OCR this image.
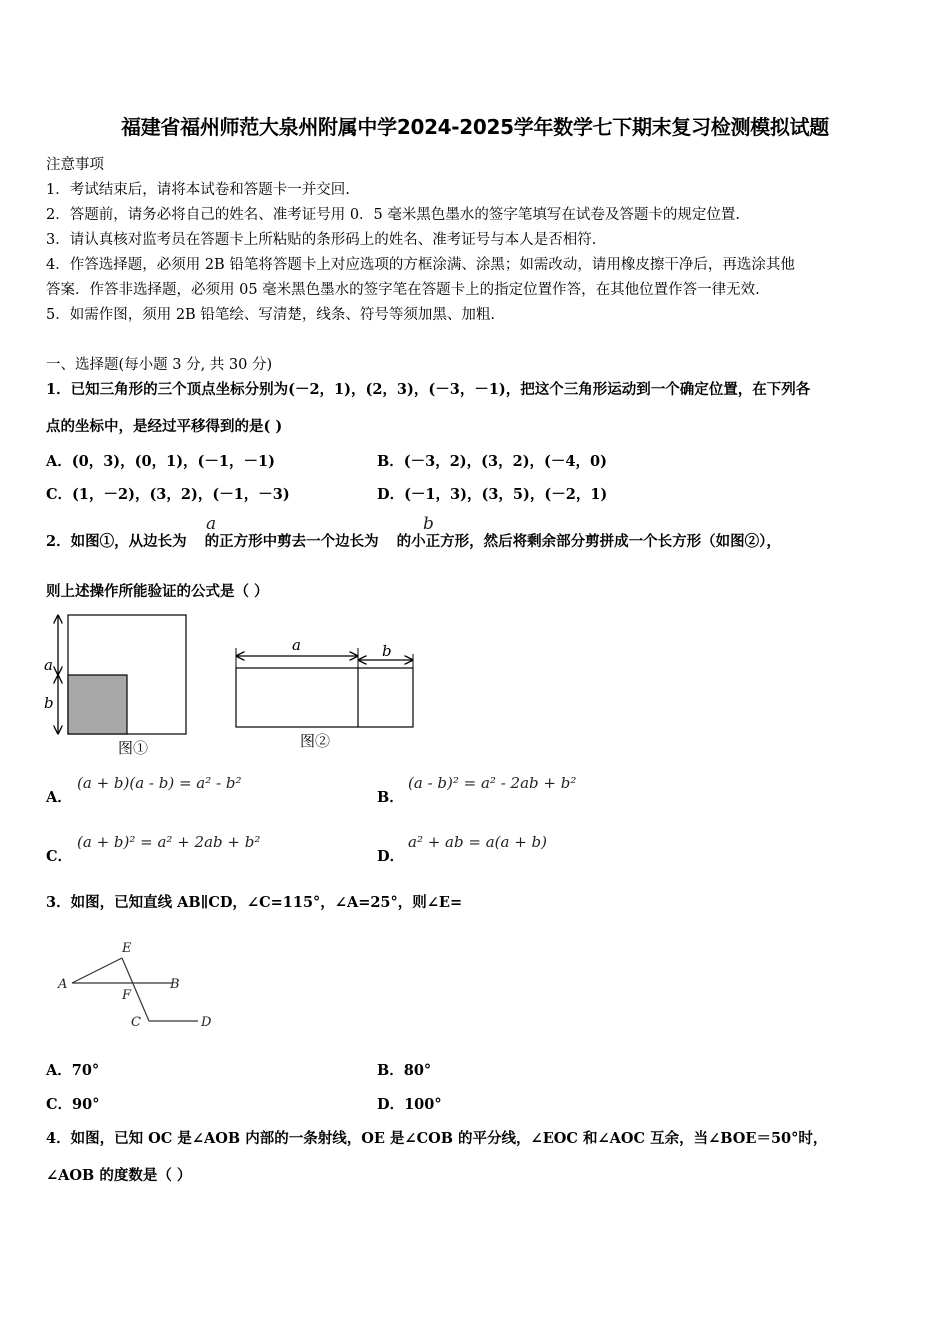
福建省福州师范大泉州附属中学2024-2025学年数学七下期末复习检测模拟试题
注意事项
1．考试结束后，请将本试卷和答题卡一并交回.
2．答题前，请务必将自己的姓名、准考证号用 0．5 毫米黑色墨水的签字笔填写在试卷及答题卡的规定位置.
3．请认真核对监考员在答题卡上所粘贴的条形码上的姓名、准考证号与本人是否相符.
4．作答选择题，必须用 2B 铅笔将答题卡上对应选项的方框涂满、涂黑；如需改动，请用橡皮擦干净后，再选涂其他
答案．作答非选择题，必须用 05 毫米黑色墨水的签字笔在答题卡上的指定位置作答，在其他位置作答一律无效.
5．如需作图，须用 2B 铅笔绘、写清楚，线条、符号等须加黑、加粗.
一、选择题(每小题 3 分, 共 30 分)
1．已知三角形的三个顶点坐标分别为(－2，1)，(2，3)，(－3，－1)，把这个三角形运动到一个确定位置，在下列各
点的坐标中，是经过平移得到的是( )
A．(0，3)，(0，1)，(－1，－1)	B．(－3，2)，(3，2)，(－4，0)
C．(1，－2)，(3，2)，(－1，－3)	D．(－1，3)，(3，5)，(－2，1)
2．如图①，从边长为 的正方形中剪去一个边长为 的小正方形，然后将剩余部分剪拼成一个长方形（如图②），
a	b
则上述操作所能验证的公式是（ ）
a
b
图①
a	b
图②
A．
(a + b)(a - b) = a² - b²
B．
(a - b)² = a² - 2ab + b²
C．
(a + b)² = a² + 2ab + b²
D．
a² + ab = a(a + b)
3．如图，已知直线 AB∥CD，∠C=115°，∠A=25°，则∠E=
A	B
E
F
C	D
A．70°	B．80°
C．90°	D．100°
4．如图，已知 OC 是∠AOB 内部的一条射线，OE 是∠COB 的平分线，∠EOC 和∠AOC 互余，当∠BOE＝50°时，
∠AOB 的度数是（ ）
